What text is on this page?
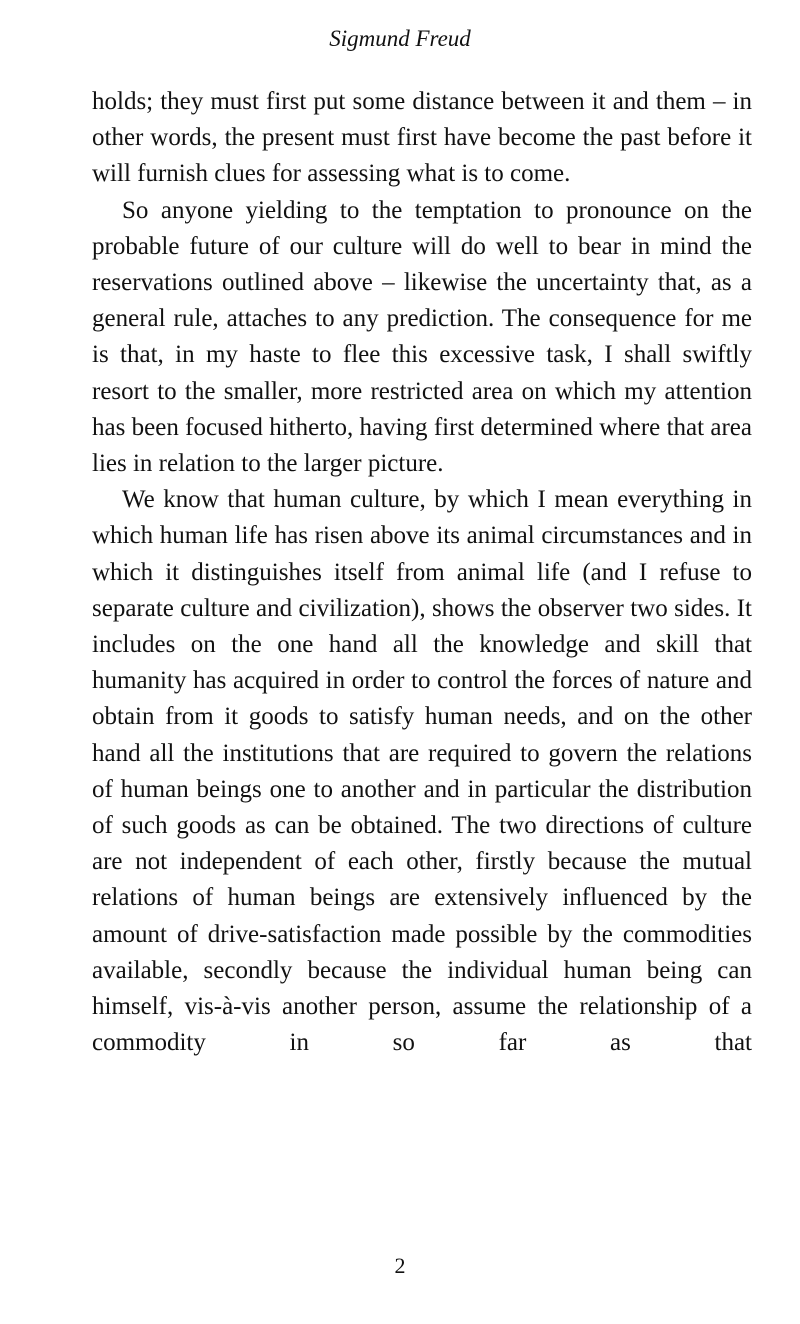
Sigmund Freud

holds; they must first put some distance between it and them – in other words, the present must first have become the past before it will furnish clues for assessing what is to come.

So anyone yielding to the temptation to pronounce on the probable future of our culture will do well to bear in mind the reservations outlined above – likewise the uncertainty that, as a general rule, attaches to any prediction. The consequence for me is that, in my haste to flee this excessive task, I shall swiftly resort to the smaller, more restricted area on which my attention has been focused hitherto, having first determined where that area lies in relation to the larger picture.

We know that human culture, by which I mean everything in which human life has risen above its animal circumstances and in which it distinguishes itself from animal life (and I refuse to separate culture and civilization), shows the observer two sides. It includes on the one hand all the knowledge and skill that humanity has acquired in order to control the forces of nature and obtain from it goods to satisfy human needs, and on the other hand all the institutions that are required to govern the relations of human beings one to another and in particular the distribution of such goods as can be obtained. The two directions of culture are not independent of each other, firstly because the mutual relations of human beings are extensively influenced by the amount of drive-satisfaction made possible by the commodities available, secondly because the individual human being can himself, vis-à-vis another person, assume the relationship of a commodity in so far as that

2
